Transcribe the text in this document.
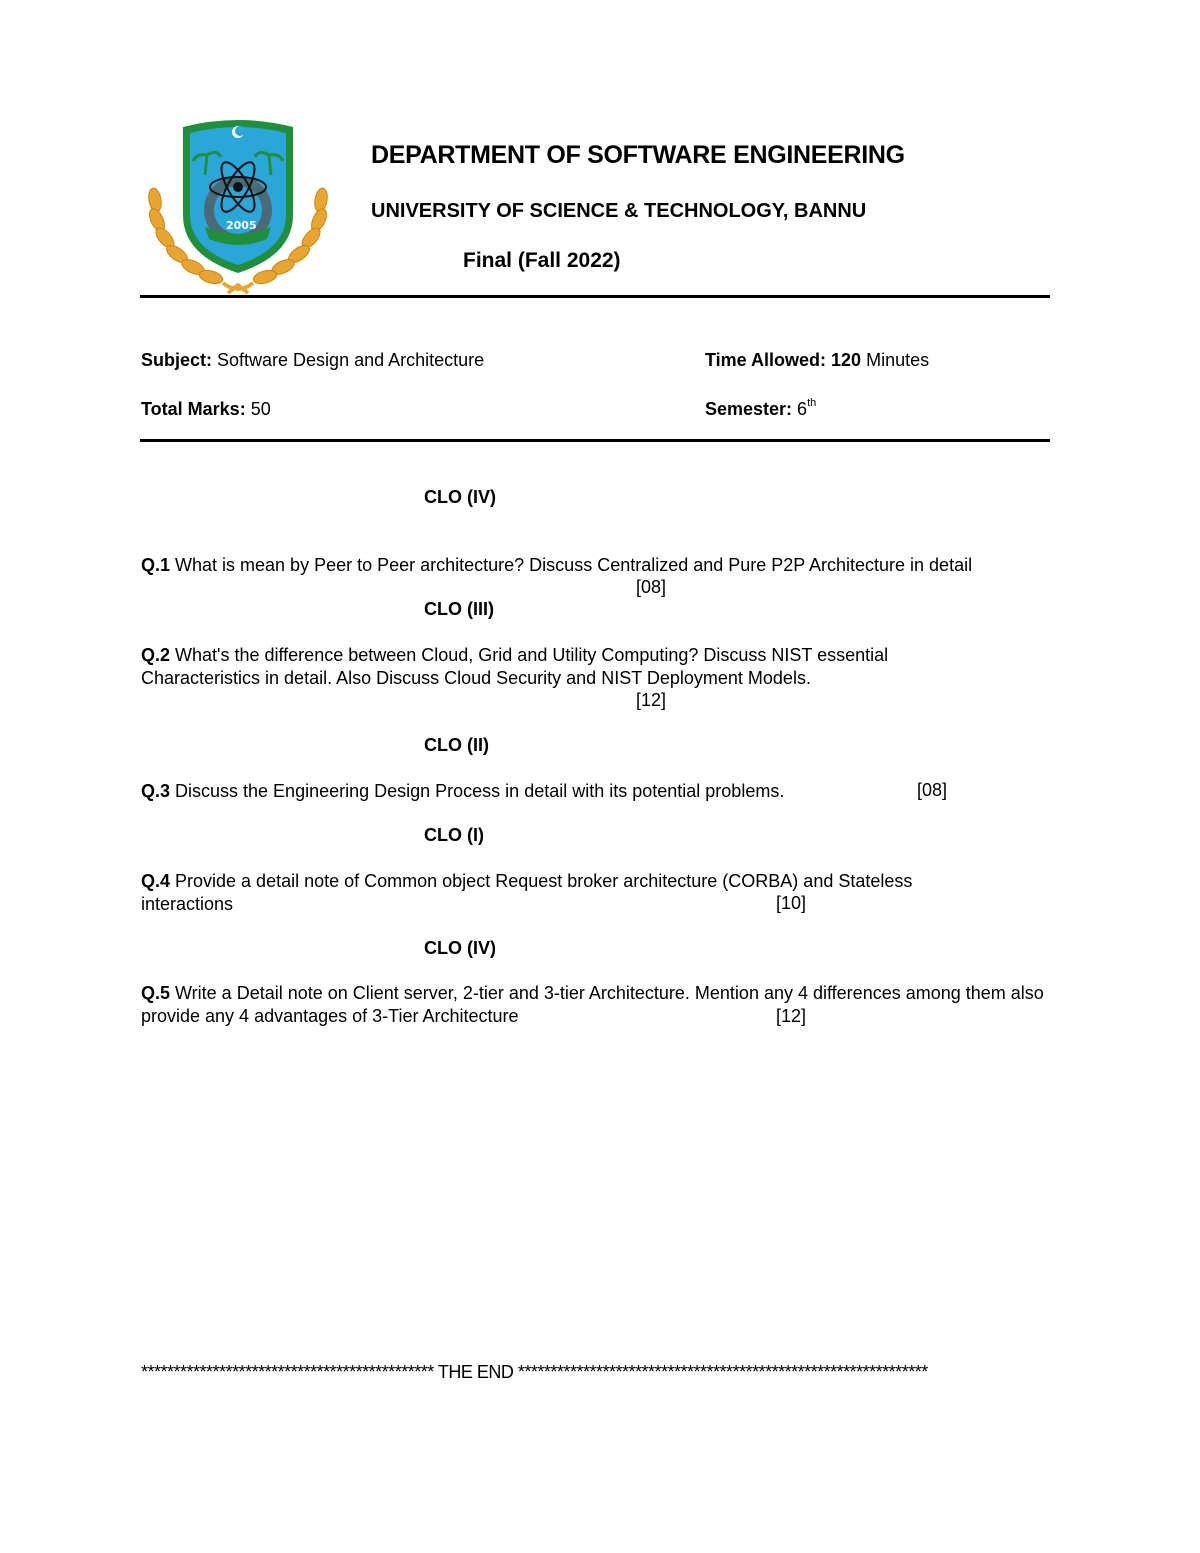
2005
DEPARTMENT OF SOFTWARE ENGINEERING
UNIVERSITY OF SCIENCE & TECHNOLOGY, BANNU
Final (Fall 2022)
Subject: Software Design and Architecture	Time Allowed: 120 Minutes
Total Marks: 50	Semester: 6th
CLO (IV)
Q.1 What is mean by Peer to Peer architecture? Discuss Centralized and Pure P2P Architecture in detail
[08]
CLO (III)
Q.2 What's the difference between Cloud, Grid and Utility Computing? Discuss NIST essential Characteristics in detail. Also Discuss Cloud Security and NIST Deployment Models.
[12]
CLO (II)
Q.3 Discuss the Engineering Design Process in detail with its potential problems.	[08]
CLO (I)
Q.4 Provide a detail note of Common object Request broker architecture (CORBA) and Stateless interactions	[10]
CLO (IV)
Q.5 Write a Detail note on Client server, 2-tier and 3-tier Architecture. Mention any 4 differences among them also provide any 4 advantages of 3-Tier Architecture	[12]
********************************************* THE END ***************************************************************
